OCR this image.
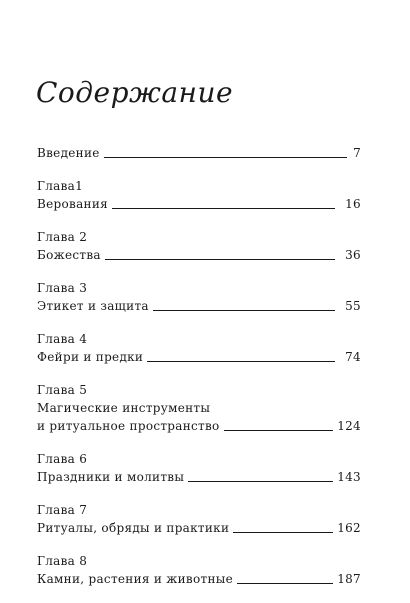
Содержание
Введение	7
Глава1
Верования	16
Глава 2
Божества	36
Глава 3
Этикет и защита	55
Глава 4
Фейри и предки	74
Глава 5
Магические инструменты
и ритуальное пространство	124
Глава 6
Праздники и молитвы	143
Глава 7
Ритуалы, обряды и практики	162
Глава 8
Камни, растения и животные	187
